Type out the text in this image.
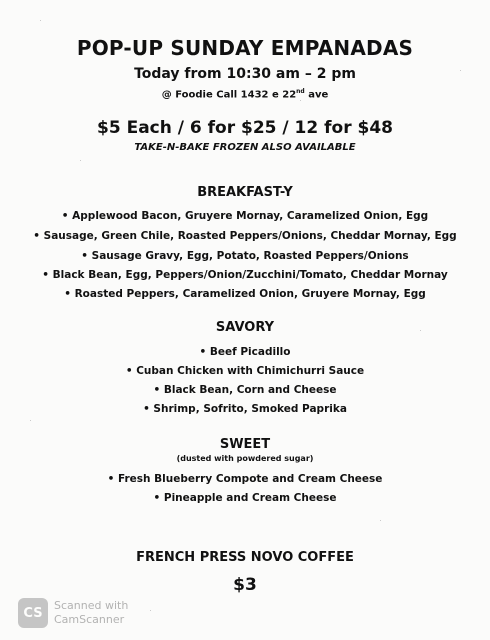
POP-UP SUNDAY EMPANADAS
Today from 10:30 am – 2 pm
@ Foodie Call 1432 e 22nd ave
$5 Each / 6 for $25 / 12 for $48
TAKE-N-BAKE FROZEN ALSO AVAILABLE
BREAKFAST-Y
• Applewood Bacon, Gruyere Mornay, Caramelized Onion, Egg
• Sausage, Green Chile, Roasted Peppers/Onions, Cheddar Mornay, Egg
• Sausage Gravy, Egg, Potato, Roasted Peppers/Onions
• Black Bean, Egg, Peppers/Onion/Zucchini/Tomato, Cheddar Mornay
• Roasted Peppers, Caramelized Onion, Gruyere Mornay, Egg
SAVORY
• Beef Picadillo
• Cuban Chicken with Chimichurri Sauce
• Black Bean, Corn and Cheese
• Shrimp, Sofrito, Smoked Paprika
SWEET
(dusted with powdered sugar)
• Fresh Blueberry Compote and Cream Cheese
• Pineapple and Cream Cheese
FRENCH PRESS NOVO COFFEE
$3
CS	Scanned with
CamScanner
